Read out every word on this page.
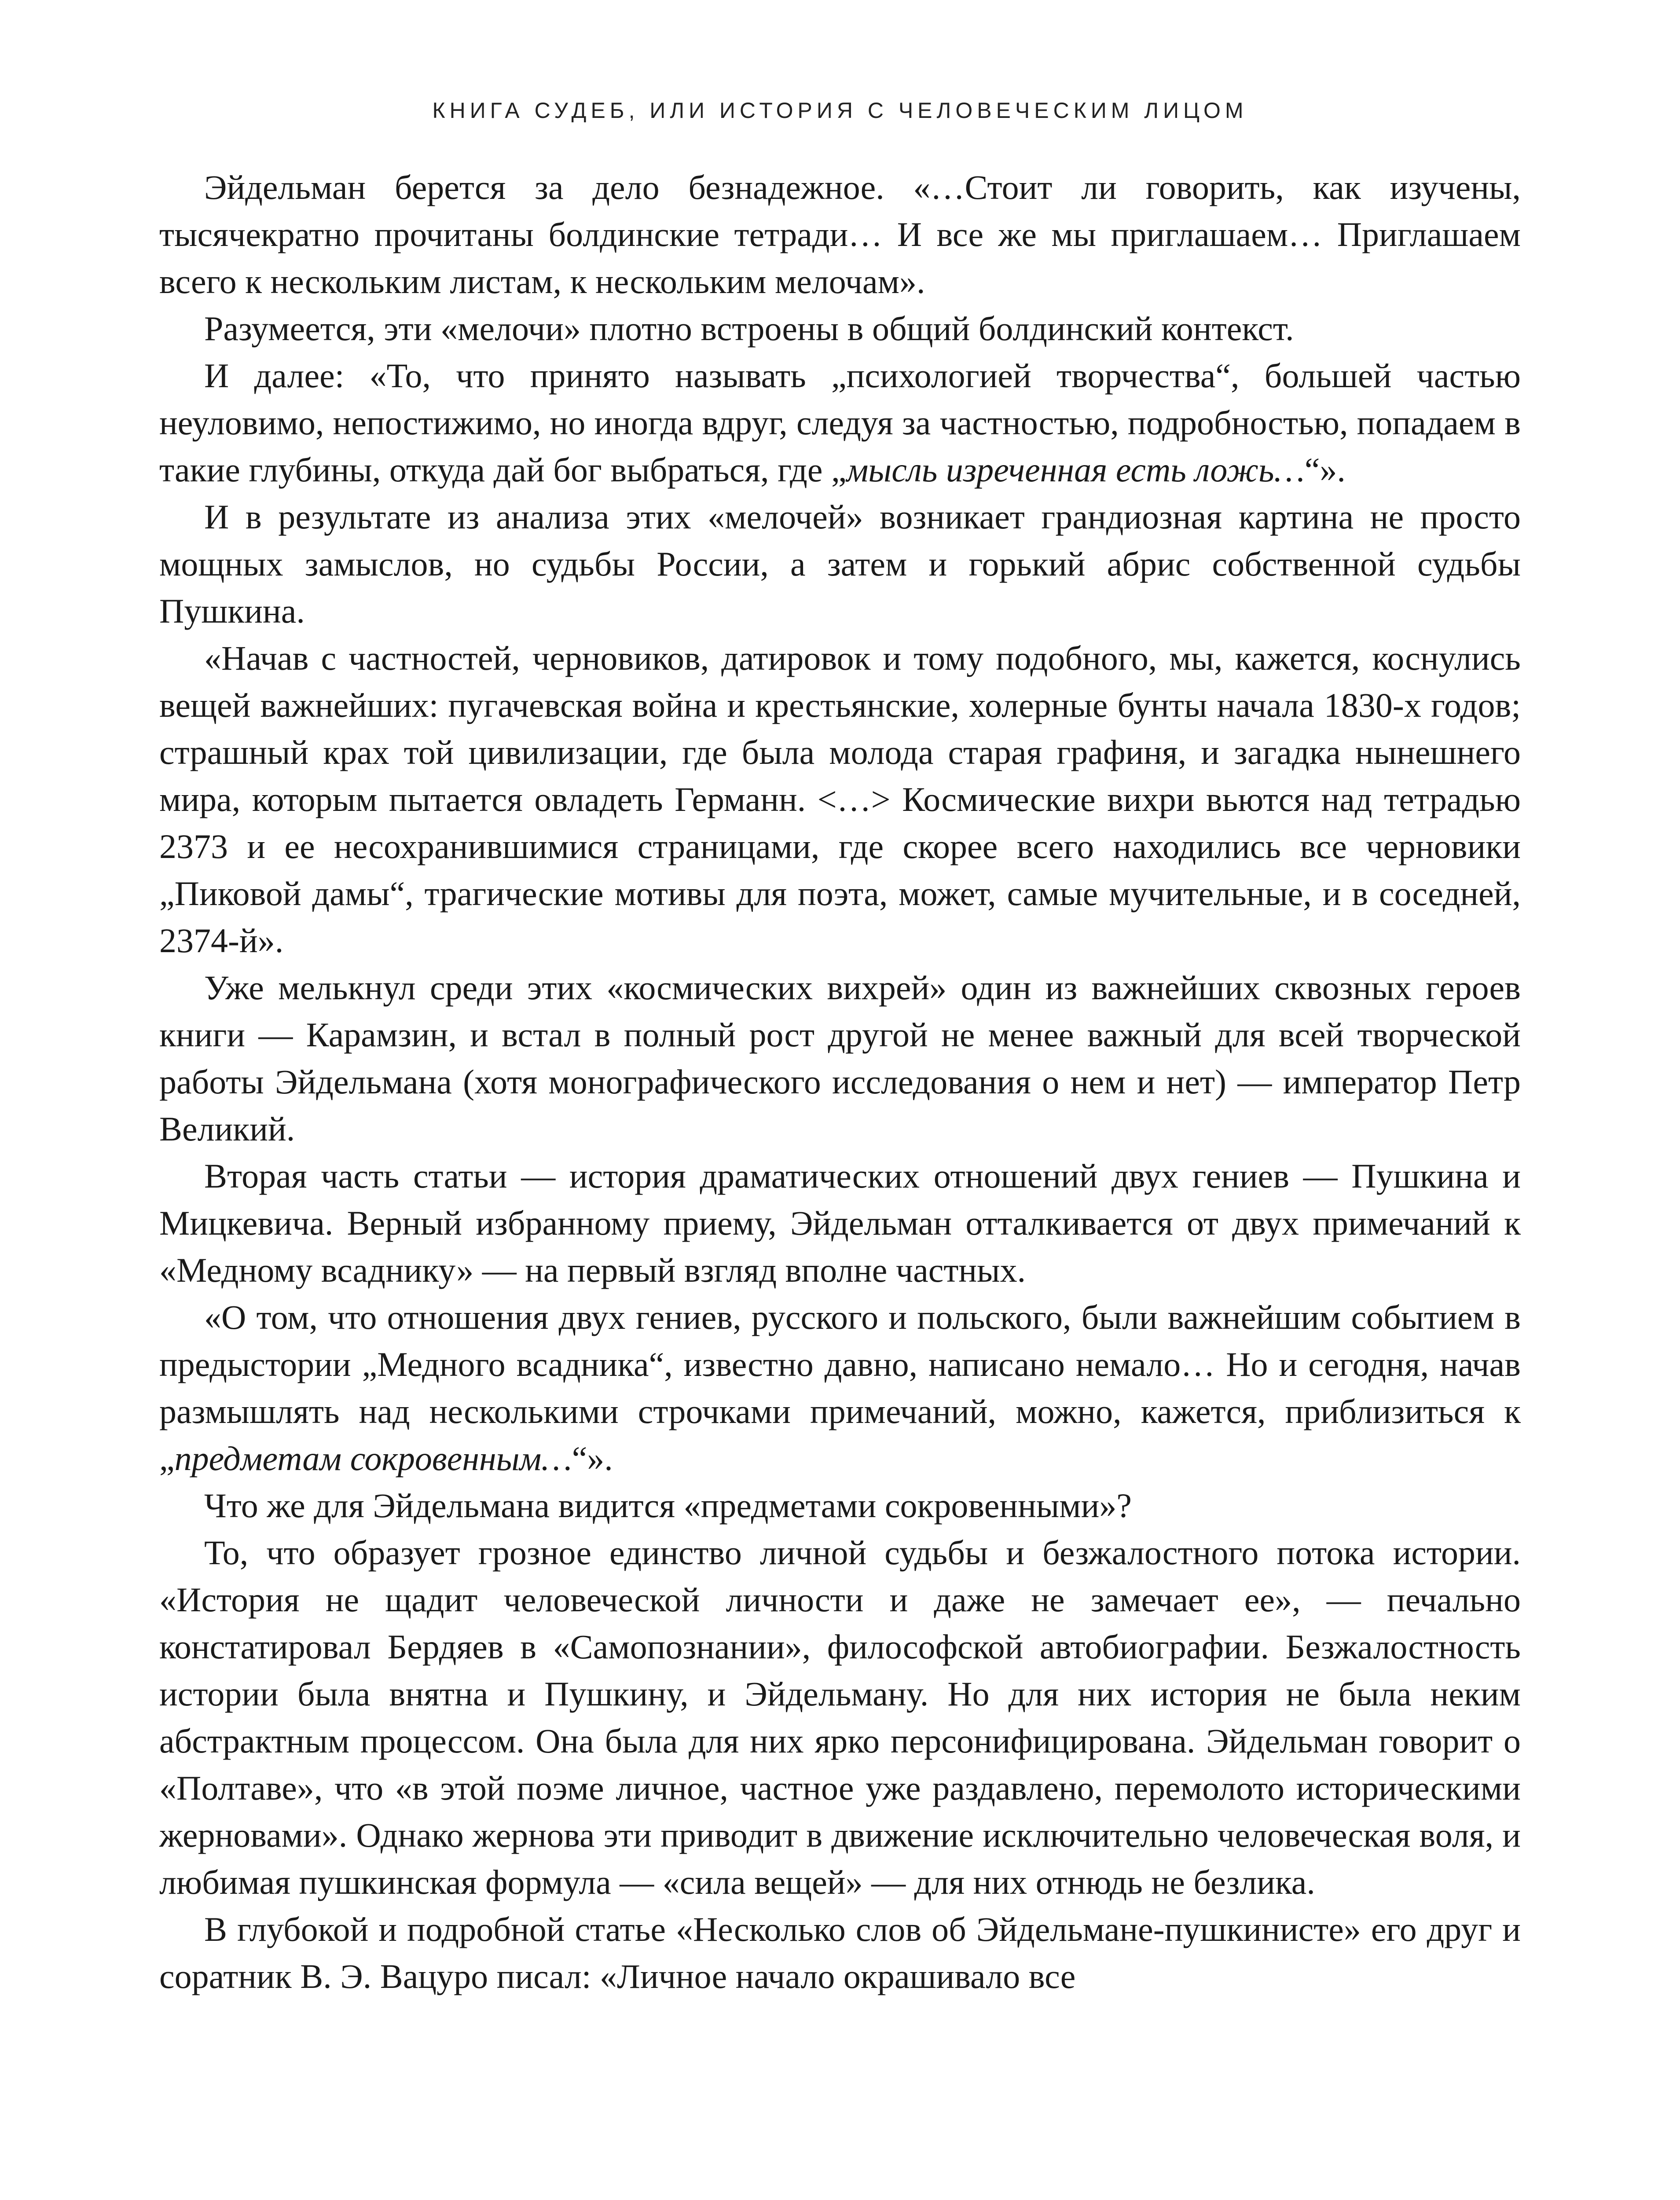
КНИГА СУДЕБ, ИЛИ ИСТОРИЯ С ЧЕЛОВЕЧЕСКИМ ЛИЦОМ

Эйдельман берется за дело безнадежное. «…Стоит ли говорить, как изучены, тысячекратно прочитаны болдинские тетради… И все же мы приглашаем… Приглашаем всего к нескольким листам, к нескольким мелочам».

Разумеется, эти «мелочи» плотно встроены в общий болдинский контекст.

И далее: «То, что принято называть „психологией творчества“, большей частью неуловимо, непостижимо, но иногда вдруг, следуя за частностью, подробностью, попадаем в такие глубины, откуда дай бог выбраться, где „мысль изреченная есть ложь…“».

И в результате из анализа этих «мелочей» возникает грандиозная картина не просто мощных замыслов, но судьбы России, а затем и горький абрис собственной судьбы Пушкина.

«Начав с частностей, черновиков, датировок и тому подобного, мы, кажется, коснулись вещей важнейших: пугачевская война и крестьянские, холерные бунты начала 1830-х годов; страшный крах той цивилизации, где была молода старая графиня, и загадка нынешнего мира, которым пытается овладеть Германн. <…> Космические вихри вьются над тетрадью 2373 и ее несохранившимися страницами, где скорее всего находились все черновики „Пиковой дамы“, трагические мотивы для поэта, может, самые мучительные, и в соседней, 2374-й».

Уже мелькнул среди этих «космических вихрей» один из важнейших сквозных героев книги — Карамзин, и встал в полный рост другой не менее важный для всей творческой работы Эйдельмана (хотя монографического исследования о нем и нет) — император Петр Великий.

Вторая часть статьи — история драматических отношений двух гениев — Пушкина и Мицкевича. Верный избранному приему, Эйдельман отталкивается от двух примечаний к «Медному всаднику» — на первый взгляд вполне частных.

«О том, что отношения двух гениев, русского и польского, были важнейшим событием в предыстории „Медного всадника“, известно давно, написано немало… Но и сегодня, начав размышлять над несколькими строчками примечаний, можно, кажется, приблизиться к „предметам сокровенным…“».

Что же для Эйдельмана видится «предметами сокровенными»?

То, что образует грозное единство личной судьбы и безжалостного потока истории. «История не щадит человеческой личности и даже не замечает ее», — печально констатировал Бердяев в «Самопознании», философской автобиографии. Безжалостность истории была внятна и Пушкину, и Эйдельману. Но для них история не была неким абстрактным процессом. Она была для них ярко персонифицирована. Эйдельман говорит о «Полтаве», что «в этой поэме личное, частное уже раздавлено, перемолото историческими жерновами». Однако жернова эти приводит в движение исключительно человеческая воля, и любимая пушкинская формула — «сила вещей» — для них отнюдь не безлика.

В глубокой и подробной статье «Несколько слов об Эйдельмане-пушкинисте» его друг и соратник В. Э. Вацуро писал: «Личное начало окрашивало все
